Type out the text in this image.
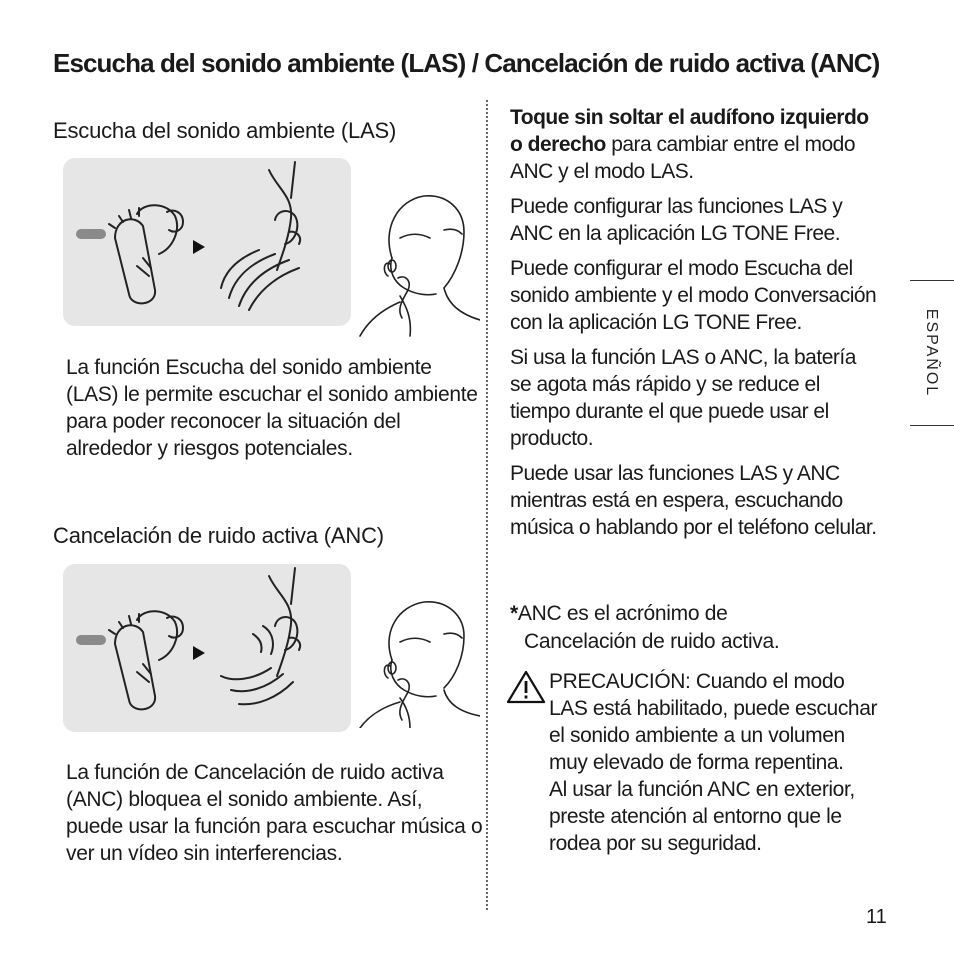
Escucha del sonido ambiente (LAS) / Cancelación de ruido activa (ANC)
Escucha del sonido ambiente (LAS)
La función Escucha del sonido ambiente (LAS) le permite escuchar el sonido ambiente para poder reconocer la situación del alrededor y riesgos potenciales.
Cancelación de ruido activa (ANC)
La función de Cancelación de ruido activa (ANC) bloquea el sonido ambiente. Así, puede usar la función para escuchar música o ver un vídeo sin interferencias.

Toque sin soltar el audífono izquierdo o derecho para cambiar entre el modo ANC y el modo LAS.

Puede configurar las funciones LAS y ANC en la aplicación LG TONE Free.

Puede configurar el modo Escucha del sonido ambiente y el modo Conversación con la aplicación LG TONE Free.

Si usa la función LAS o ANC, la batería se agota más rápido y se reduce el tiempo durante el que puede usar el producto.

Puede usar las funciones LAS y ANC mientras está en espera, escuchando música o hablando por el teléfono celular.

*ANC es el acrónimo de
Cancelación de ruido activa.
PRECAUCIÓN: Cuando el modo LAS está habilitado, puede escuchar el sonido ambiente a un volumen muy elevado de forma repentina.
Al usar la función ANC en exterior, preste atención al entorno que le rodea por su seguridad.
ESPAÑOL
11
